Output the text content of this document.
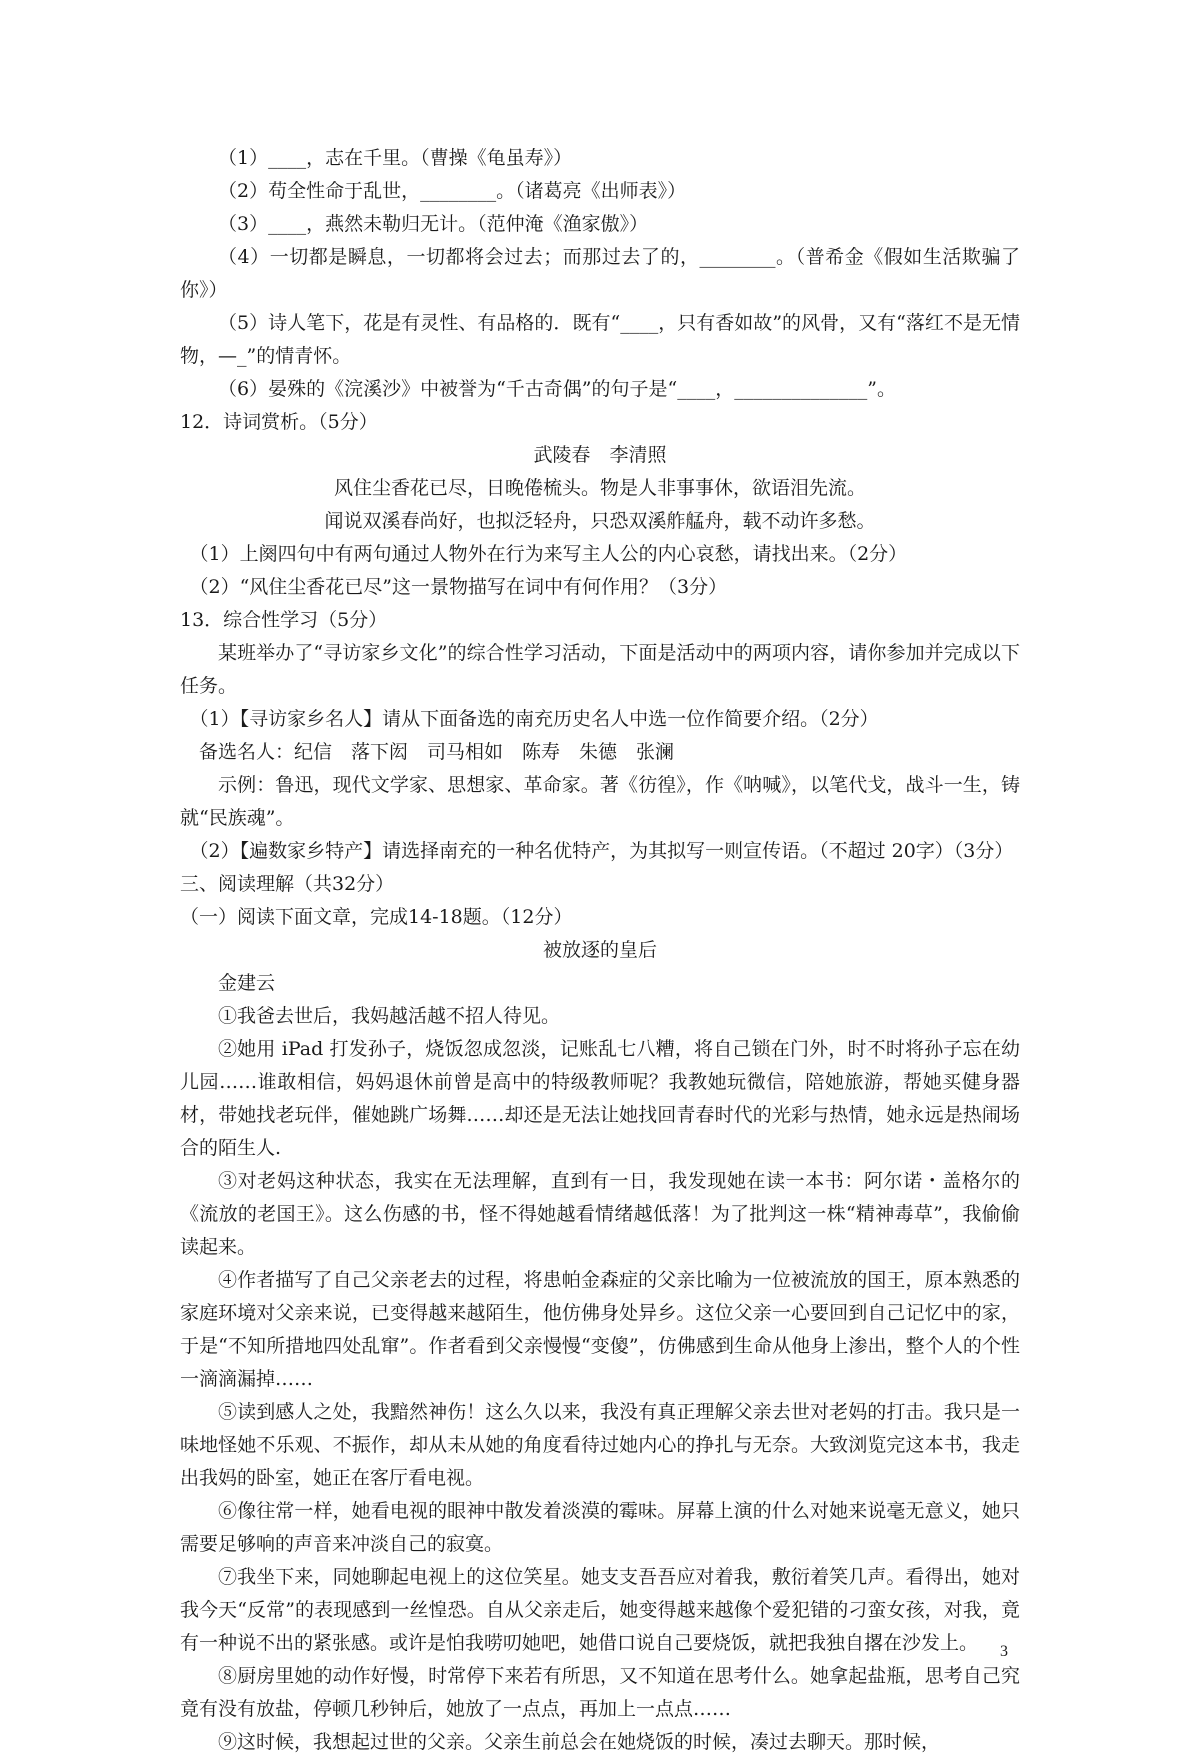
（1）____，志在千里。（曹操《龟虽寿》）

（2）苟全性命于乱世，________。（诸葛亮《出师表》）

（3）____，燕然未勒归无计。（范仲淹《渔家傲》）

（4）一切都是瞬息，一切都将会过去；而那过去了的，________。（普希金《假如生活欺骗了你》）

（5）诗人笔下，花是有灵性、有品格的．既有“____，只有香如故”的风骨，又有“落红不是无情物，—_”的情青怀。

（6）晏殊的《浣溪沙》中被誉为“千古奇偶”的句子是“____，______________”。

12．诗词赏析。（5分）

武陵春　李清照

风住尘香花已尽，日晚倦梳头。物是人非事事休，欲语泪先流。

闻说双溪春尚好，也拟泛轻舟，只恐双溪舴艋舟，载不动许多愁。

（1）上阕四句中有两句通过人物外在行为来写主人公的内心哀愁，请找出来。（2分）

（2）“风住尘香花已尽”这一景物描写在词中有何作用？（3分）

13．综合性学习（5分）

某班举办了“寻访家乡文化”的综合性学习活动，下面是活动中的两项内容，请你参加并完成以下任务。

（1）【寻访家乡名人】请从下面备选的南充历史名人中选一位作简要介绍。（2分）

备选名人：纪信　落下闳　司马相如　陈寿　朱德　张澜

示例：鲁迅，现代文学家、思想家、革命家。著《彷徨》，作《呐喊》，以笔代戈，战斗一生，铸就“民族魂”。

（2）【遍数家乡特产】请选择南充的一种名优特产，为其拟写一则宣传语。（不超过 20字）（3分）

三、阅读理解（共32分）

（一）阅读下面文章，完成14-18题。（12分）

被放逐的皇后

金建云

①我爸去世后，我妈越活越不招人待见。

②她用 iPad 打发孙子，烧饭忽成忽淡，记账乱七八糟，将自己锁在门外，时不时将孙子忘在幼儿园……谁敢相信，妈妈退休前曾是高中的特级教师呢？我教她玩微信，陪她旅游，帮她买健身器材，带她找老玩伴，催她跳广场舞……却还是无法让她找回青春时代的光彩与热情，她永远是热闹场合的陌生人.

③对老妈这种状态，我实在无法理解，直到有一日，我发现她在读一本书：阿尔诺・盖格尔的《流放的老国王》。这么伤感的书，怪不得她越看情绪越低落！为了批判这一株“精神毒草”，我偷偷读起来。

④作者描写了自己父亲老去的过程，将患帕金森症的父亲比喻为一位被流放的国王，原本熟悉的家庭环境对父亲来说，已变得越来越陌生，他仿佛身处异乡。这位父亲一心要回到自己记忆中的家，于是“不知所措地四处乱窜”。作者看到父亲慢慢“变傻”，仿佛感到生命从他身上渗出，整个人的个性一滴滴漏掉……

⑤读到感人之处，我黯然神伤！这么久以来，我没有真正理解父亲去世对老妈的打击。我只是一味地怪她不乐观、不振作，却从未从她的角度看待过她内心的挣扎与无奈。大致浏览完这本书，我走出我妈的卧室，她正在客厅看电视。

⑥像往常一样，她看电视的眼神中散发着淡漠的霉味。屏幕上演的什么对她来说毫无意义，她只需要足够响的声音来冲淡自己的寂寞。

⑦我坐下来，同她聊起电视上的这位笑星。她支支吾吾应对着我，敷衍着笑几声。看得出，她对我今天“反常”的表现感到一丝惶恐。自从父亲走后，她变得越来越像个爱犯错的刁蛮女孩，对我，竟有一种说不出的紧张感。或许是怕我唠叨她吧，她借口说自己要烧饭，就把我独自撂在沙发上。

⑧厨房里她的动作好慢，时常停下来若有所思，又不知道在思考什么。她拿起盐瓶，思考自己究竟有没有放盐，停顿几秒钟后，她放了一点点，再加上一点点……

⑨这时候，我想起过世的父亲。父亲生前总会在她烧饭的时候，凑过去聊天。那时候，

3
